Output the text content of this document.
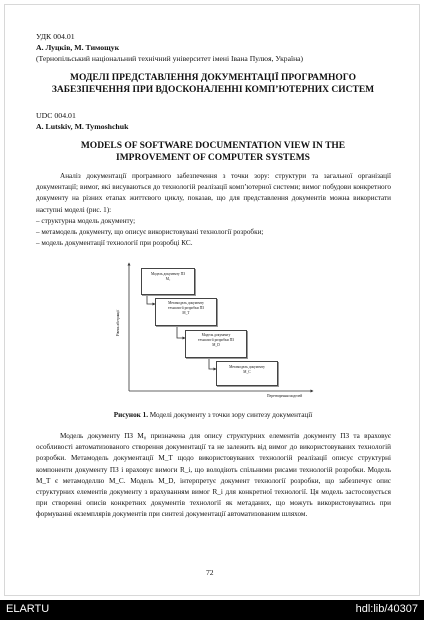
УДК 004.01
А. Луцків, М. Тимощук
(Тернопільський національний технічний університет імені Івана Пулюя, Україна)
МОДЕЛІ ПРЕДСТАВЛЕННЯ ДОКУМЕНТАЦІЇ ПРОГРАМНОГО
ЗАБЕЗПЕЧЕННЯ ПРИ ВДОСКОНАЛЕННІ КОМП’ЮТЕРНИХ СИСТЕМ
UDC 004.01
A. Lutskiv, M. Tymoshchuk
MODELS OF SOFTWARE DOCUMENTATION VIEW IN THE
IMPROVEMENT OF COMPUTER SYSTEMS
Аналіз документації програмного забезпечення з точки зору: структури та загальної організації документації; вимог, які висуваються до технологій реалізації комп’ютерної системи; вимог побудови конкретного документу на різних етапах життєвого циклу, показав, що для представлення документів можна використати наступні моделі (рис. 1):
– структурна модель документу;
– метамодель документу, що описує використовувані технології розробки;
– модель документації технології при розробці КС.
Рівень абстракції
Перетворення моделей
Модель документу ПЗ
M₀
Метамодель документу
технології розробки ПЗ
M_T
Модель документу
технології розробки ПЗ
M_D
Метамодель документу
M_C
Рисунок 1. Моделі документу з точки зору синтезу документації
Модель документу ПЗ M₀ призначена для опису структурних елементів документу ПЗ та враховує особливості автоматизованого створення документації та не залежить від вимог до використовуваних технологій розробки. Метамодель документації M_T щодо використовуваних технологій реалізації описує структурні компоненти документу ПЗ і враховує вимоги R_i, що володіють спільними рисами технологій розробки. Модель M_T є метамоделлю M_C. Модель M_D, інтерпретує документ технології розробки, що забезпечує опис структурних елементів документу з врахуванням вимог R_i для конкретної технології. Ця модель застосовується при створенні описів конкретних документів технології як метаданих, що можуть використовуватись при формуванні екземплярів документів при синтезі документації автоматизованим шляхом.
72
ELARTU	hdl:lib/40307
